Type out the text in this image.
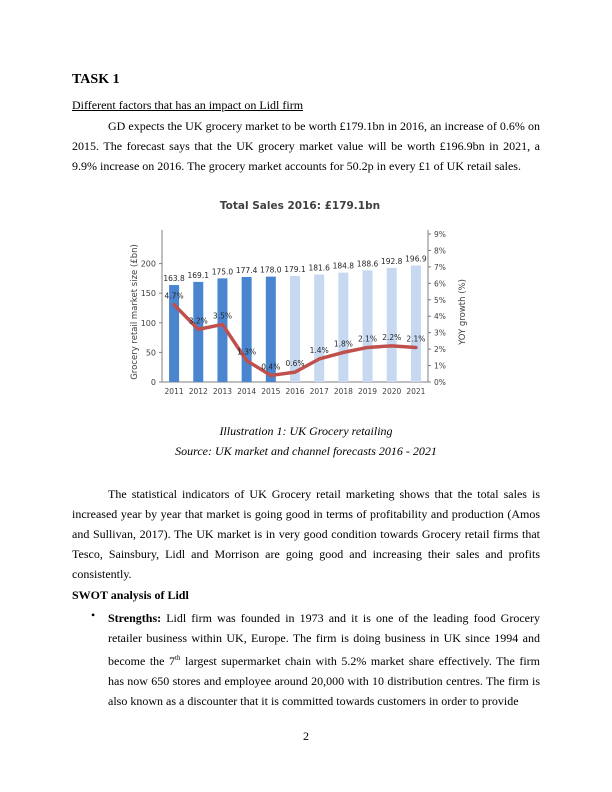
TASK 1
Different factors that has an impact on Lidl firm

GD expects the UK grocery market to be worth £179.1bn in 2016, an increase of 0.6% on 2015. The forecast says that the UK grocery market value will be worth £196.9bn in 2021, a 9.9% increase on 2016. The grocery market accounts for 50.2p in every £1 of UK retail sales.

Total Sales 2016: £179.1bn
Grocery retail market size (£bn)	YOY growth (%)
0
50
100
150
200
0%
1%
2%
3%
4%
5%
6%
7%
8%
9%
163.8
2011
169.1
2012
175.0
2013
177.4
2014
178.0
2015
179.1
2016
181.6
2017
184.8
2018
188.6
2019
192.8
2020
196.9
2021
4.7%
3.2%
3.5%
1.3%
0.4% 0.6%
1.4%
1.8%
2.1% 2.2% 2.1%
Illustration 1: UK Grocery retailing
Source: UK market and channel forecasts 2016 - 2021

The statistical indicators of UK Grocery retail marketing shows that the total sales is increased year by year that market is going good in terms of profitability and production (Amos and Sullivan, 2017). The UK market is in very good condition towards Grocery retail firms that Tesco, Sainsbury, Lidl and Morrison are going good and increasing their sales and profits consistently.

SWOT analysis of Lidl
• Strengths: Lidl firm was founded in 1973 and it is one of the leading food Grocery retailer business within UK, Europe. The firm is doing business in UK since 1994 and become the 7th largest supermarket chain with 5.2% market share effectively. The firm has now 650 stores and employee around 20,000 with 10 distribution centres. The firm is also known as a discounter that it is committed towards customers in order to provide

2
